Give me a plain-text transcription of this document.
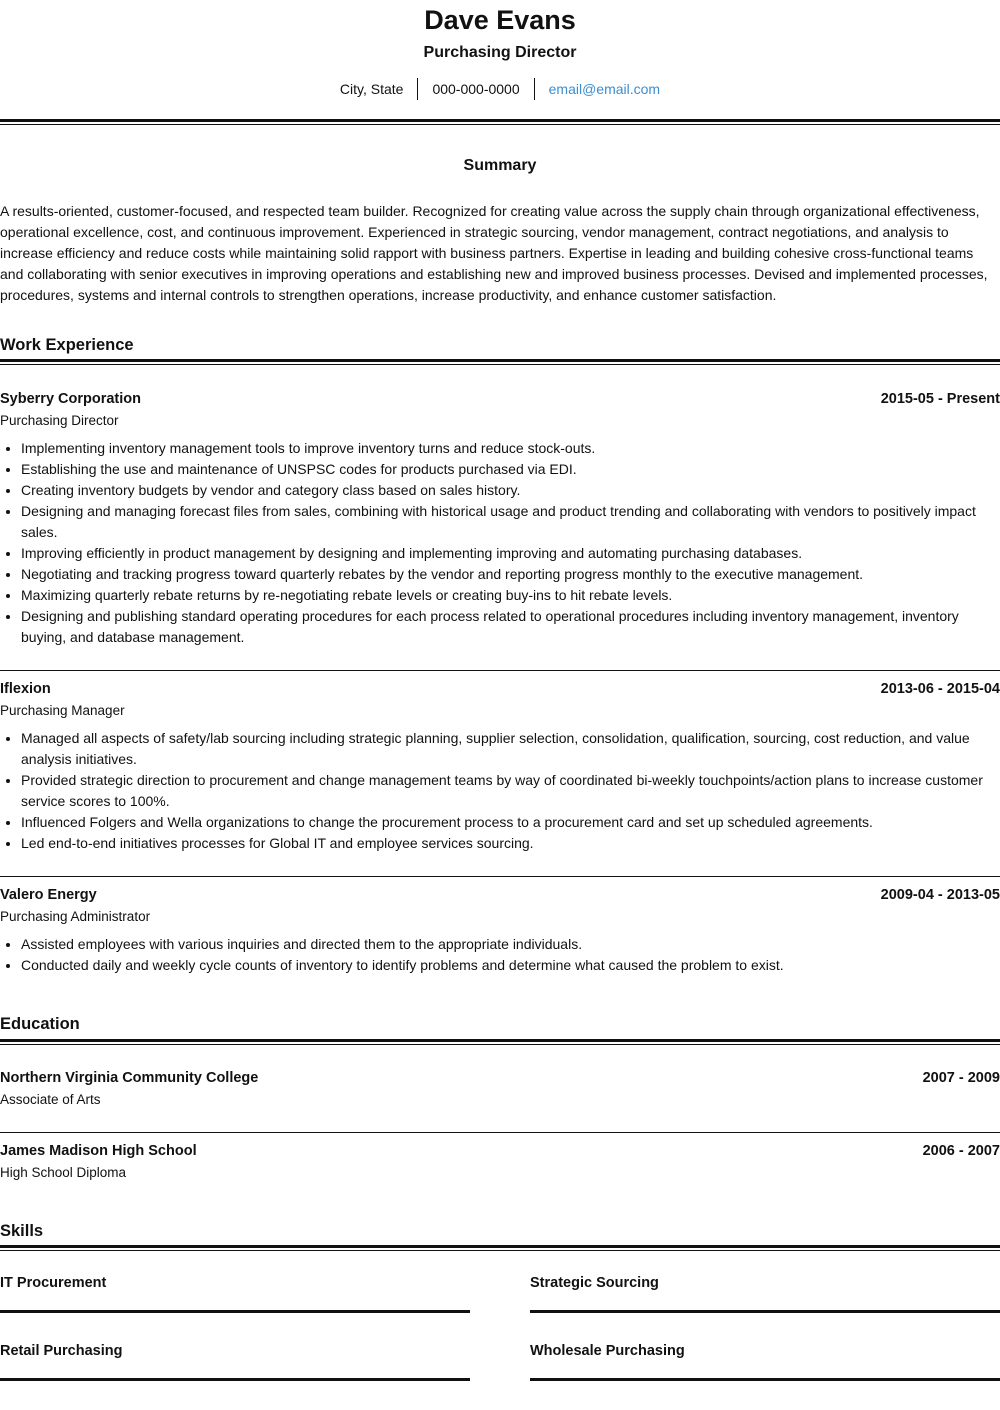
Dave Evans
Purchasing Director
City, State	000-000-0000	email@email.com
Summary

A results-oriented, customer-focused, and respected team builder. Recognized for creating value across the supply chain through organizational effectiveness, operational excellence, cost, and continuous improvement. Experienced in strategic sourcing, vendor management, contract negotiations, and analysis to increase efficiency and reduce costs while maintaining solid rapport with business partners. Expertise in leading and building cohesive cross-functional teams and collaborating with senior executives in improving operations and establishing new and improved business processes. Devised and implemented processes, procedures, systems and internal controls to strengthen operations, increase productivity, and enhance customer satisfaction.

Work Experience
Syberry Corporation	2015-05 - Present
Purchasing Director
• Implementing inventory management tools to improve inventory turns and reduce stock-outs.
• Establishing the use and maintenance of UNSPSC codes for products purchased via EDI.
• Creating inventory budgets by vendor and category class based on sales history.
• Designing and managing forecast files from sales, combining with historical usage and product trending and collaborating with vendors to positively impact sales.
• Improving efficiently in product management by designing and implementing improving and automating purchasing databases.
• Negotiating and tracking progress toward quarterly rebates by the vendor and reporting progress monthly to the executive management.
• Maximizing quarterly rebate returns by re-negotiating rebate levels or creating buy-ins to hit rebate levels.
• Designing and publishing standard operating procedures for each process related to operational procedures including inventory management, inventory buying, and database management.
Iflexion	2013-06 - 2015-04
Purchasing Manager
• Managed all aspects of safety/lab sourcing including strategic planning, supplier selection, consolidation, qualification, sourcing, cost reduction, and value analysis initiatives.
• Provided strategic direction to procurement and change management teams by way of coordinated bi-weekly touchpoints/action plans to increase customer service scores to 100%.
• Influenced Folgers and Wella organizations to change the procurement process to a procurement card and set up scheduled agreements.
• Led end-to-end initiatives processes for Global IT and employee services sourcing.
Valero Energy	2009-04 - 2013-05
Purchasing Administrator
• Assisted employees with various inquiries and directed them to the appropriate individuals.
• Conducted daily and weekly cycle counts of inventory to identify problems and determine what caused the problem to exist.
Education
Northern Virginia Community College	2007 - 2009
Associate of Arts
James Madison High School	2006 - 2007
High School Diploma
Skills
IT Procurement	Strategic Sourcing
Retail Purchasing	Wholesale Purchasing
